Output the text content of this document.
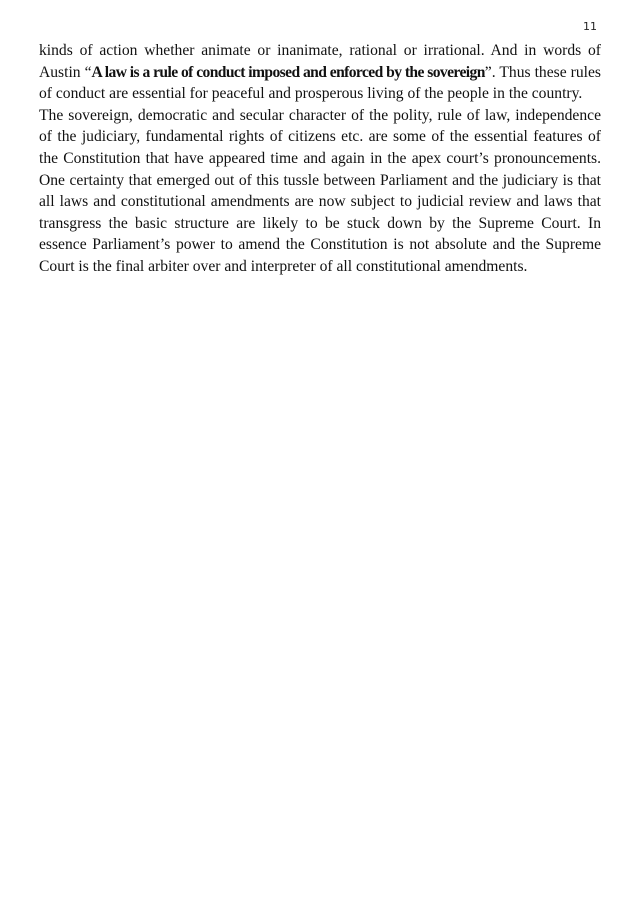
11

kinds of action whether animate or inanimate, rational or irrational. And in words of Austin “A law is a rule of conduct imposed and enforced by the sovereign”. Thus these rules of conduct are essential for peaceful and prosperous living of the people in the country.

The sovereign, democratic and secular character of the polity, rule of law, independence of the judiciary, fundamental rights of citizens etc. are some of the essential features of the Constitution that have appeared time and again in the apex court’s pronouncements. One certainty that emerged out of this tussle between Parliament and the judiciary is that all laws and constitutional amendments are now subject to judicial review and laws that transgress the basic structure are likely to be stuck down by the Supreme Court. In essence Parliament’s power to amend the Constitution is not absolute and the Supreme Court is the final arbiter over and interpreter of all constitutional amendments.
